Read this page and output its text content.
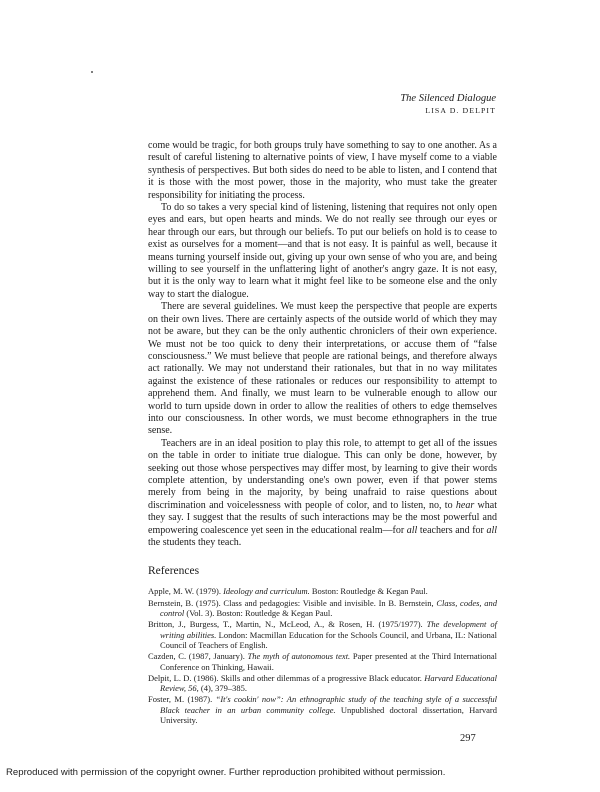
The Silenced Dialogue
LISA D. DELPIT

come would be tragic, for both groups truly have something to say to one another. As a result of careful listening to alternative points of view, I have myself come to a viable synthesis of perspectives. But both sides do need to be able to listen, and I contend that it is those with the most power, those in the majority, who must take the greater responsibility for initiating the process.

To do so takes a very special kind of listening, listening that requires not only open eyes and ears, but open hearts and minds. We do not really see through our eyes or hear through our ears, but through our beliefs. To put our beliefs on hold is to cease to exist as ourselves for a moment—and that is not easy. It is painful as well, because it means turning yourself inside out, giving up your own sense of who you are, and being willing to see yourself in the unflattering light of another's angry gaze. It is not easy, but it is the only way to learn what it might feel like to be someone else and the only way to start the dialogue.

There are several guidelines. We must keep the perspective that people are experts on their own lives. There are certainly aspects of the outside world of which they may not be aware, but they can be the only authentic chroniclers of their own experience. We must not be too quick to deny their interpretations, or accuse them of “false consciousness.” We must believe that people are rational beings, and therefore always act rationally. We may not understand their rationales, but that in no way militates against the existence of these rationales or reduces our responsibility to attempt to apprehend them. And finally, we must learn to be vulnerable enough to allow our world to turn upside down in order to allow the realities of others to edge themselves into our consciousness. In other words, we must become ethnographers in the true sense.

Teachers are in an ideal position to play this role, to attempt to get all of the issues on the table in order to initiate true dialogue. This can only be done, however, by seeking out those whose perspectives may differ most, by learning to give their words complete attention, by understanding one's own power, even if that power stems merely from being in the majority, by being unafraid to raise questions about discrimination and voicelessness with people of color, and to listen, no, to hear what they say. I suggest that the results of such interactions may be the most powerful and empowering coalescence yet seen in the educational realm—for all teachers and for all the students they teach.

References
Apple, M. W. (1979). Ideology and curriculum. Boston: Routledge & Kegan Paul.
Bernstein, B. (1975). Class and pedagogies: Visible and invisible. In B. Bernstein, Class, codes, and control (Vol. 3). Boston: Routledge & Kegan Paul.
Britton, J., Burgess, T., Martin, N., McLeod, A., & Rosen, H. (1975/1977). The development of writing abilities. London: Macmillan Education for the Schools Council, and Urbana, IL: National Council of Teachers of English.
Cazden, C. (1987, January). The myth of autonomous text. Paper presented at the Third International Conference on Thinking, Hawaii.
Delpit, L. D. (1986). Skills and other dilemmas of a progressive Black educator. Harvard Educational Review, 56, (4), 379–385.
Foster, M. (1987). “It's cookin' now”: An ethnographic study of the teaching style of a successful Black teacher in an urban community college. Unpublished doctoral dissertation, Harvard University.
297
Reproduced with permission of the copyright owner. Further reproduction prohibited without permission.
